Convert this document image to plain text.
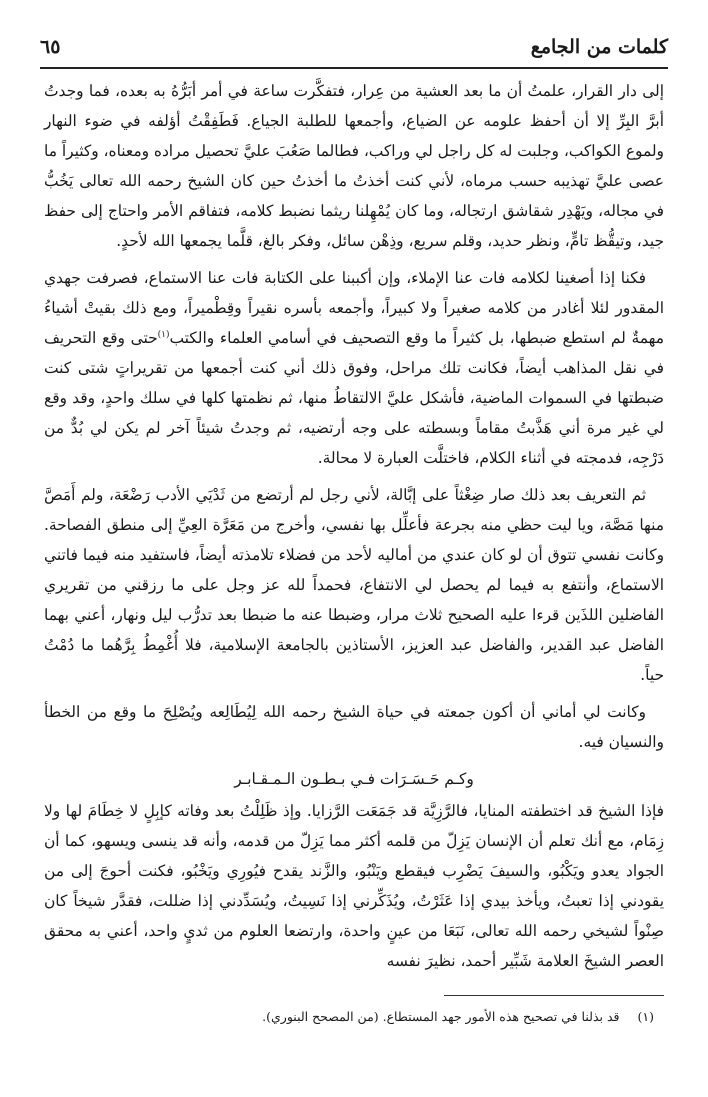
كلمات من الجامع
٦٥

إلى دار القرار، علمتُ أن ما بعد العشية من عِرار، فتفكَّرت ساعة في أمر أبَرُّهُ به بعده، فما وجدتُ أبرَّ البِرِّ إلا أن أحفظ علومه عن الضياع، وأجمعها للطلبة الجياع. فَطَفِقْتُ أؤلفه في ضوء النهار ولموع الكواكب، وجلبت له كل راجل لي وراكب، فطالما صَعُبَ عليَّ تحصيل مراده ومعناه، وكثيراً ما عصى عليَّ تهذيبه حسب مرماه، لأني كنت أخذتُ ما أخذتُ حين كان الشيخ رحمه الله تعالى يَخُبُّ في مجاله، ويَهْدِر شقاشق ارتجاله، وما كان يُمْهِلنا ريثما نضبط كلامه، فتفاقم الأمر واحتاج إلى حفظ جيد، وتيقُّظ تامٍّ، ونظر حديد، وقلم سريع، وذِهْن سائل، وفكر بالغ، قلَّما يجمعها الله لأحدٍ.

فكنا إذا أصغينا لكلامه فات عنا الإملاء، وإن أكببنا على الكتابة فات عنا الاستماع، فصرفت جهدي المقدور لئلا أغادر من كلامه صغيراً ولا كبيراً، وأجمعه بأسره نقيراً وقِطْميراً، ومع ذلك بقيتْ أشياءُ مهمةٌ لم استطع ضبطها، بل كثيراً ما وقع التصحيف في أسامي العلماء والكتب$^{(١)}$حتى وقع التحريف في نقل المذاهب أيضاً، فكانت تلك مراحل، وفوق ذلك أني كنت أجمعها من تقريراتٍ شتى كنت ضبطتها في السموات الماضية، فأشكل عليَّ الالتقاطُ منها، ثم نظمتها كلها في سلك واحدٍ، وقد وقع لي غير مرة أني هَذَّبتُ مقاماً وبسطته على وجه أرتضيه، ثم وجدتُ شيئاً آخر لم يكن لي بُدٌّ من دَرْجِه، فدمجته في أثناء الكلام، فاختلَّت العبارة لا محالة.

ثم التعريف بعد ذلك صار ضِغْثاً على إبَّالة، لأني رجل لم أرتضع من ثَدْيَي الأدب رَضْعَة، ولم أَمَصَّ منها مَصَّة، ويا ليت حظي منه بجرعة فأعلِّل بها نفسي، وأخرج من مَعَرَّة العِيِّ إلى منطق الفصاحة. وكانت نفسي تتوق أن لو كان عندي من أماليه لأحد من فضلاء تلامذته أيضاً، فاستفيد منه فيما فاتني الاستماع، وأنتفع به فيما لم يحصل لي الانتفاع، فحمداً لله عز وجل على ما رزقني من تقريري الفاضلين اللذَين قرءا عليه الصحيح ثلاث مرار، وضبطا عنه ما ضبطا بعد تدرُّب ليل ونهار، أعني بهما الفاضل عبد القدير، والفاضل عبد العزيز، الأستاذين بالجامعة الإسلامية، فلا أُغْمِطُ بِرَّهُما ما دُمْتُ حياً.

وكانت لي أماني أن أكون جمعته في حياة الشيخ رحمه الله لِيُطَالِعه ويُصْلِحَ ما وقع من الخطأ والنسيان فيه.

وكـم حَـسَـرَات فـي بـطـون الـمـقـابـر

فإذا الشيخ قد اختطفته المنايا، فالرَّزِيَّة قد جَمَعَت الرَّزايا. وإذ ظَلِلْتُ بعد وفاته كإبِلٍ لا خِطَامَ لها ولا زِمَام، مع أنك تعلم أن الإنسان يَزِلّ من قلمه أكثر مما يَزِلّ من قدمه، وأنه قد ينسى ويسهو، كما أن الجواد يعدو ويَكْبُو، والسيفَ يَضْرِب فيقطع ويَنْبُو، والزَّند يقدح فيُورِي ويَخْبُو، فكنت أحوجَ إلى من يقودني إذا تعبتُ، ويأخذ بيدي إذا عَثَرْتُ، ويُذَكِّرني إذا نَسِيتُ، ويُسَدِّدني إذا ضللت، فقدَّر شيخاً كان صِنْواً لشيخي رحمه الله تعالى، نَبَعَا من عينٍ واحدة، وارتضعا العلوم من ثديٍ واحد، أعني به محقق العصر الشيخَ العلامة شَبِّير أحمد، نظيرَ نفسه

(١)
قد بذلنا في تصحيح هذه الأمور جهد المستطاع. (من المصحح البنوري).
